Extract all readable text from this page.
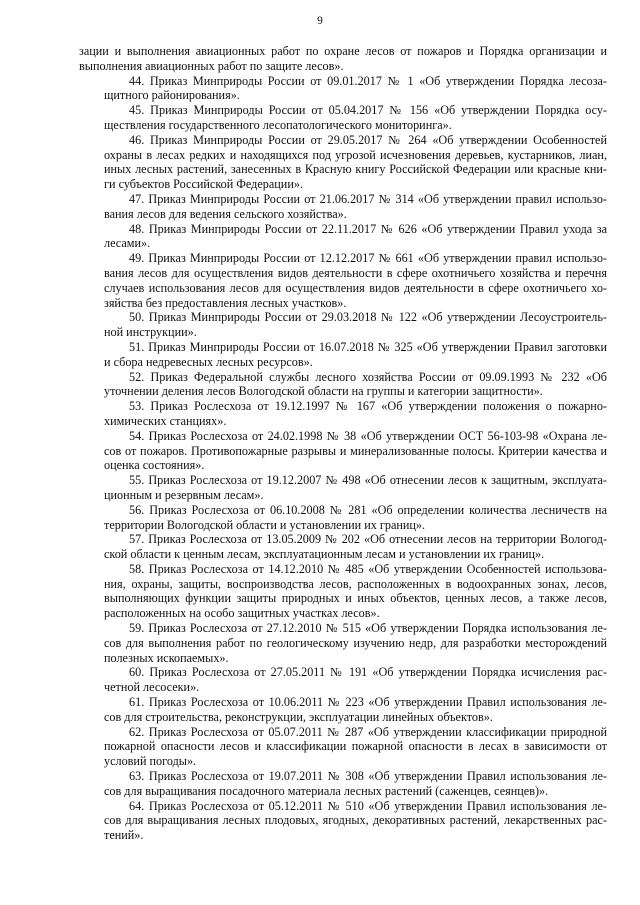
9
зации и выполнения авиационных работ по охране лесов от пожаров и Порядка организации и
выполнения авиационных работ по защите лесов».
44. Приказ Минприроды России от 09.01.2017 № 1 «Об утверждении Порядка лесоза-
щитного районирования».
45. Приказ Минприроды России от 05.04.2017 № 156 «Об утверждении Порядка осу-
ществления государственного лесопатологического мониторинга».
46. Приказ Минприроды России от 29.05.2017 № 264 «Об утверждении Особенностей
охраны в лесах редких и находящихся под угрозой исчезновения деревьев, кустарников, лиан,
иных лесных растений, занесенных в Красную книгу Российской Федерации или красные кни-
ги субъектов Российской Федерации».
47. Приказ Минприроды России от 21.06.2017 № 314 «Об утверждении правил использо-
вания лесов для ведения сельского хозяйства».
48. Приказ Минприроды России от 22.11.2017 № 626 «Об утверждении Правил ухода за
лесами».
49. Приказ Минприроды России от 12.12.2017 № 661 «Об утверждении правил использо-
вания лесов для осуществления видов деятельности в сфере охотничьего хозяйства и перечня
случаев использования лесов для осуществления видов деятельности в сфере охотничьего хо-
зяйства без предоставления лесных участков».
50. Приказ Минприроды России от 29.03.2018 № 122 «Об утверждении Лесоустроитель-
ной инструкции».
51. Приказ Минприроды России от 16.07.2018 № 325 «Об утверждении Правил заготовки
и сбора недревесных лесных ресурсов».
52. Приказ Федеральной службы лесного хозяйства России от 09.09.1993 № 232 «Об
уточнении деления лесов Вологодской области на группы и категории защитности».
53. Приказ Рослесхоза от 19.12.1997 № 167 «Об утверждении положения о пожарно-
химических станциях».
54. Приказ Рослесхоза от 24.02.1998 № 38 «Об утверждении ОСТ 56-103-98 «Охрана ле-
сов от пожаров. Противопожарные разрывы и минерализованные полосы. Критерии качества и
оценка состояния».
55. Приказ Рослесхоза от 19.12.2007 № 498 «Об отнесении лесов к защитным, эксплуата-
ционным и резервным лесам».
56. Приказ Рослесхоза от 06.10.2008 № 281 «Об определении количества лесничеств на
территории Вологодской области и установлении их границ».
57. Приказ Рослесхоза от 13.05.2009 № 202 «Об отнесении лесов на территории Вологод-
ской области к ценным лесам, эксплуатационным лесам и установлении их границ».
58. Приказ Рослесхоза от 14.12.2010 № 485 «Об утверждении Особенностей использова-
ния, охраны, защиты, воспроизводства лесов, расположенных в водоохранных зонах, лесов,
выполняющих функции защиты природных и иных объектов, ценных лесов, а также лесов,
расположенных на особо защитных участках лесов».
59. Приказ Рослесхоза от 27.12.2010 № 515 «Об утверждении Порядка использования ле-
сов для выполнения работ по геологическому изучению недр, для разработки месторождений
полезных ископаемых».
60. Приказ Рослесхоза от 27.05.2011 № 191 «Об утверждении Порядка исчисления рас-
четной лесосеки».
61. Приказ Рослесхоза от 10.06.2011 № 223 «Об утверждении Правил использования ле-
сов для строительства, реконструкции, эксплуатации линейных объектов».
62. Приказ Рослесхоза от 05.07.2011 № 287 «Об утверждении классификации природной
пожарной опасности лесов и классификации пожарной опасности в лесах в зависимости от
условий погоды».
63. Приказ Рослесхоза от 19.07.2011 № 308 «Об утверждении Правил использования ле-
сов для выращивания посадочного материала лесных растений (саженцев, сеянцев)».
64. Приказ Рослесхоза от 05.12.2011 № 510 «Об утверждении Правил использования ле-
сов для выращивания лесных плодовых, ягодных, декоративных растений, лекарственных рас-
тений».
